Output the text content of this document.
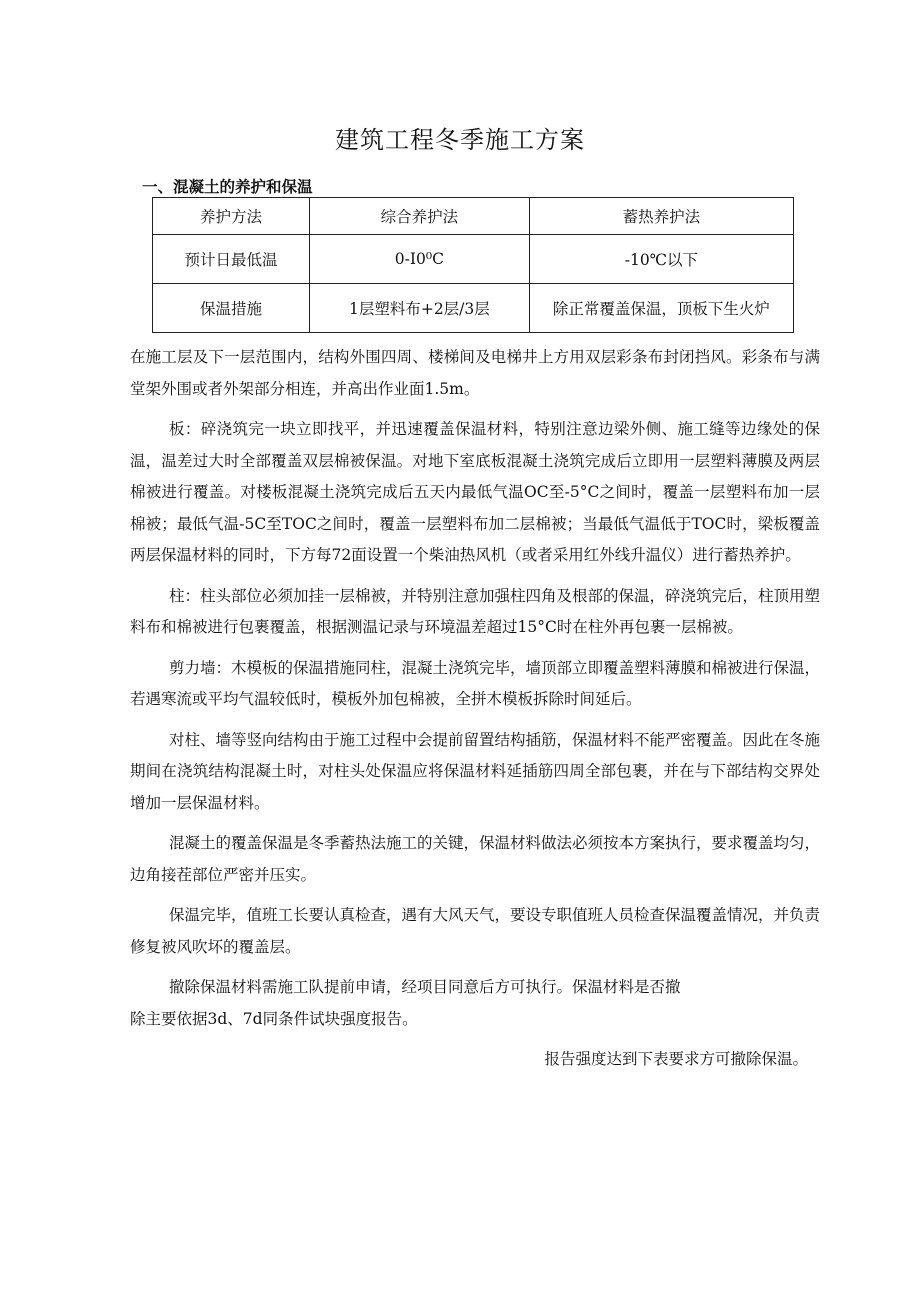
建筑工程冬季施工方案
一、混凝土的养护和保温
养护方法	综合养护法	蓄热养护法
预计日最低温	0-I0⁰C	-10℃以下
保温措施	1层塑料布+2层/3层	除正常覆盖保温，顶板下生火炉

在施工层及下一层范围内，结构外围四周、楼梯间及电梯井上方用双层彩条布封闭挡风。彩条布与满堂架外围或者外架部分相连，并高出作业面1.5m。

板：碎浇筑完一块立即找平，并迅速覆盖保温材料，特别注意边梁外侧、施工缝等边缘处的保温，温差过大时全部覆盖双层棉被保温。对地下室底板混凝土浇筑完成后立即用一层塑料薄膜及两层棉被进行覆盖。对楼板混凝土浇筑完成后五天内最低气温OC至-5°C之间时，覆盖一层塑料布加一层棉被；最低气温-5C至TOC之间时，覆盖一层塑料布加二层棉被；当最低气温低于TOC时，梁板覆盖两层保温材料的同时，下方每72面设置一个柴油热风机（或者采用红外线升温仪）进行蓄热养护。

柱：柱头部位必须加挂一层棉被，并特别注意加强柱四角及根部的保温，碎浇筑完后，柱顶用塑料布和棉被进行包裹覆盖，根据测温记录与环境温差超过15°C时在柱外再包裹一层棉被。

剪力墙：木模板的保温措施同柱，混凝土浇筑完毕，墙顶部立即覆盖塑料薄膜和棉被进行保温，若遇寒流或平均气温较低时，模板外加包棉被，全拼木模板拆除时间延后。

对柱、墙等竖向结构由于施工过程中会提前留置结构插筋，保温材料不能严密覆盖。因此在冬施期间在浇筑结构混凝土时，对柱头处保温应将保温材料延插筋四周全部包裹，并在与下部结构交界处增加一层保温材料。

混凝土的覆盖保温是冬季蓄热法施工的关键，保温材料做法必须按本方案执行，要求覆盖均匀，边角接茬部位严密并压实。

保温完毕，值班工长要认真检查，遇有大风天气，要设专职值班人员检查保温覆盖情况，并负责修复被风吹坏的覆盖层。

撤除保温材料需施工队提前申请，经项目同意后方可执行。保温材料是否撤

除主要依据3d、7d同条件试块强度报告。

报告强度达到下表要求方可撤除保温。
